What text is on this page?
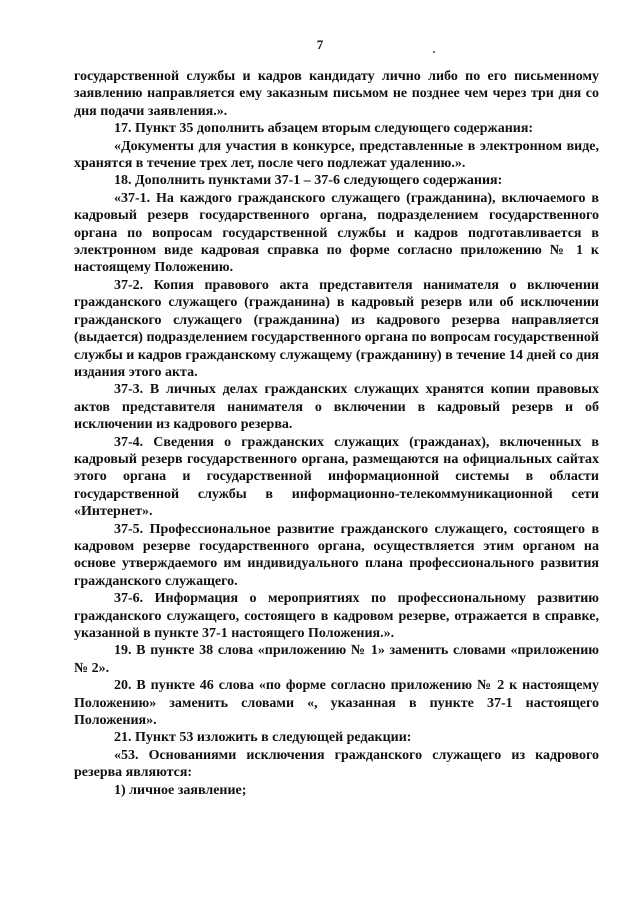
7

государственной службы и кадров кандидату лично либо по его письменному заявлению направляется ему заказным письмом не позднее чем через три дня со дня подачи заявления.».

17. Пункт 35 дополнить абзацем вторым следующего содержания:

«Документы для участия в конкурсе, представленные в электронном виде, хранятся в течение трех лет, после чего подлежат удалению.».

18. Дополнить пунктами 37-1 – 37-6 следующего содержания:

«37-1. На каждого гражданского служащего (гражданина), включаемого в кадровый резерв государственного органа, подразделением государственного органа по вопросам государственной службы и кадров подготавливается в электронном виде кадровая справка по форме согласно приложению № 1 к настоящему Положению.

37-2. Копия правового акта представителя нанимателя о включении гражданского служащего (гражданина) в кадровый резерв или об исключении гражданского служащего (гражданина) из кадрового резерва направляется (выдается) подразделением государственного органа по вопросам государственной службы и кадров гражданскому служащему (гражданину) в течение 14 дней со дня издания этого акта.

37-3. В личных делах гражданских служащих хранятся копии правовых актов представителя нанимателя о включении в кадровый резерв и об исключении из кадрового резерва.

37-4. Сведения о гражданских служащих (гражданах), включенных в кадровый резерв государственного органа, размещаются на официальных сайтах этого органа и государственной информационной системы в области государственной службы в информационно-телекоммуникационной сети «Интернет».

37-5. Профессиональное развитие гражданского служащего, состоящего в кадровом резерве государственного органа, осуществляется этим органом на основе утверждаемого им индивидуального плана профессионального развития гражданского служащего.

37-6. Информация о мероприятиях по профессиональному развитию гражданского служащего, состоящего в кадровом резерве, отражается в справке, указанной в пункте 37-1 настоящего Положения.».

19. В пункте 38 слова «приложению № 1» заменить словами «приложению № 2».

20. В пункте 46 слова «по форме согласно приложению № 2 к настоящему Положению» заменить словами «, указанная в пункте 37-1 настоящего Положения».

21. Пункт 53 изложить в следующей редакции:

«53. Основаниями исключения гражданского служащего из кадрового резерва являются:

1) личное заявление;
